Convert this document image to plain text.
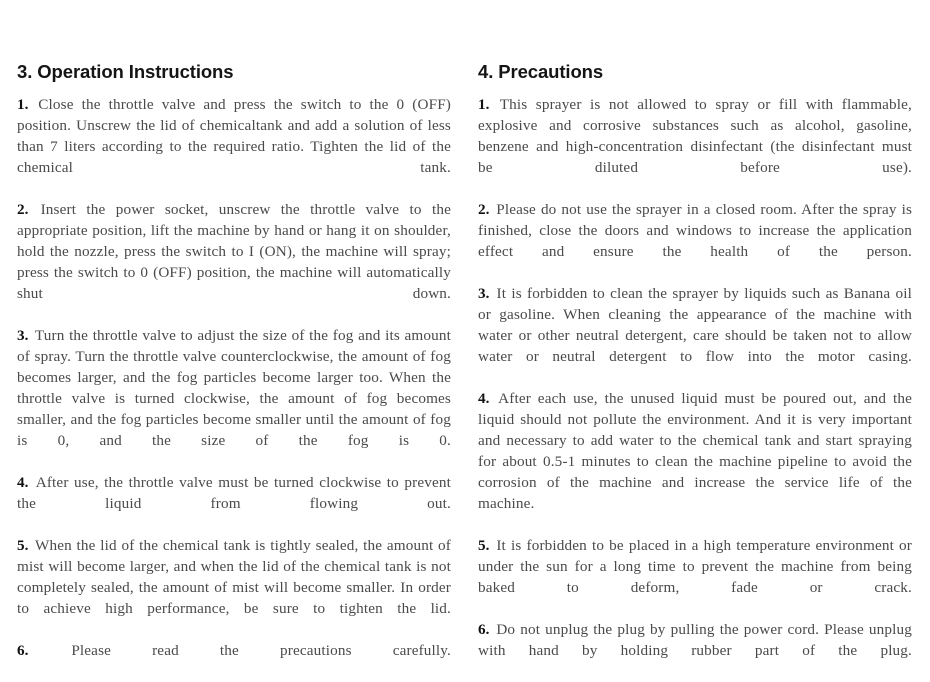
3. Operation Instructions
1. Close the throttle valve and press the switch to the 0 (OFF) position. Unscrew the lid of chemicaltank and add a solution of less than 7 liters according to the required ratio. Tighten the lid of the chemical tank.
2. Insert the power socket, unscrew the throttle valve to the appropriate position, lift the machine by hand or hang it on shoulder, hold the nozzle, press the switch to I (ON), the machine will spray; press the switch to 0 (OFF) position, the machine will automatically shut down.
3. Turn the throttle valve to adjust the size of the fog and its amount of spray. Turn the throttle valve counterclockwise, the amount of fog becomes larger, and the fog particles become larger too. When the throttle valve is turned clockwise, the amount of fog becomes smaller, and the fog particles become smaller until the amount of fog is 0, and the size of the fog is 0.
4. After use, the throttle valve must be turned clockwise to prevent the liquid from flowing out.
5. When the lid of the chemical tank is tightly sealed, the amount of mist will become larger, and when the lid of the chemical tank is not completely sealed, the amount of mist will become smaller. In order to achieve high performance, be sure to tighten the lid.
6.	Please read the precautions carefully.
4. Precautions
1. This sprayer is not allowed to spray or fill with flammable, explosive and corrosive substances such as alcohol, gasoline, benzene and high-concentration disinfectant (the disinfectant must be diluted before use).
2. Please do not use the sprayer in a closed room. After the spray is finished, close the doors and windows to increase the application effect and ensure the health of the person.
3. It is forbidden to clean the sprayer by liquids such as Banana oil or gasoline. When cleaning the appearance of the machine with water or other neutral detergent, care should be taken not to allow water or neutral detergent to flow into the motor casing.
4. After each use, the unused liquid must be poured out, and the liquid should not pollute the environment. And it is very important and necessary to add water to the chemical tank and start spraying for about 0.5-1 minutes to clean the machine pipeline to avoid the corrosion of the machine and increase the service life of the machine.
5. It is forbidden to be placed in a high temperature environment or under the sun for a long time to prevent the machine from being baked to deform, fade or crack.
6. Do not unplug the plug by pulling the power cord. Please unplug with hand by holding rubber part of the plug.
